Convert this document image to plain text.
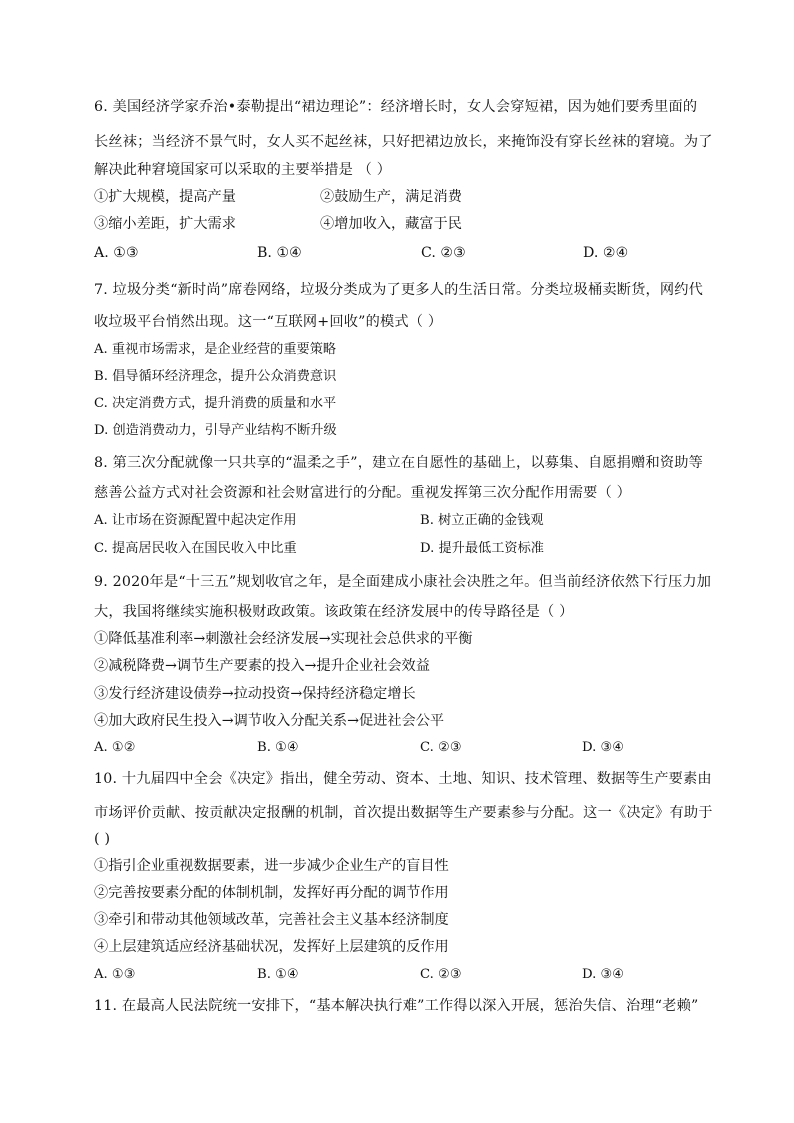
6. 美国经济学家乔治•泰勒提出“裙边理论”：经济增长时，女人会穿短裙，因为她们要秀里面的
长丝袜；当经济不景气时，女人买不起丝袜，只好把裙边放长，来掩饰没有穿长丝袜的窘境。为了
解决此种窘境国家可以采取的主要举措是 （ ）
①扩大规模，提高产量	②鼓励生产，满足消费
③缩小差距，扩大需求	④增加收入，藏富于民
A. ①③	B. ①④	C. ②③	D. ②④
7. 垃圾分类“新时尚”席卷网络，垃圾分类成为了更多人的生活日常。分类垃圾桶卖断货，网约代
收垃圾平台悄然出现。这一“互联网+回收”的模式（ ）
A. 重视市场需求，是企业经营的重要策略
B. 倡导循环经济理念，提升公众消费意识
C. 决定消费方式，提升消费的质量和水平
D. 创造消费动力，引导产业结构不断升级
8. 第三次分配就像一只共享的“温柔之手”，建立在自愿性的基础上，以募集、自愿捐赠和资助等
慈善公益方式对社会资源和社会财富进行的分配。重视发挥第三次分配作用需要（ ）
A. 让市场在资源配置中起决定作用	B. 树立正确的金钱观
C. 提高居民收入在国民收入中比重	D. 提升最低工资标准
9. 2020年是“十三五”规划收官之年，是全面建成小康社会决胜之年。但当前经济依然下行压力加
大，我国将继续实施积极财政政策。该政策在经济发展中的传导路径是（ ）
①降低基准利率→刺激社会经济发展→实现社会总供求的平衡
②减税降费→调节生产要素的投入→提升企业社会效益
③发行经济建设债券→拉动投资→保持经济稳定增长
④加大政府民生投入→调节收入分配关系→促进社会公平
A. ①②	B. ①④	C. ②③	D. ③④
10. 十九届四中全会《决定》指出，健全劳动、资本、土地、知识、技术管理、数据等生产要素由
市场评价贡献、按贡献决定报酬的机制，首次提出数据等生产要素参与分配。这一《决定》有助于
( )
①指引企业重视数据要素，进一步减少企业生产的盲目性
②完善按要素分配的体制机制，发挥好再分配的调节作用
③牵引和带动其他领域改革，完善社会主义基本经济制度
④上层建筑适应经济基础状况，发挥好上层建筑的反作用
A. ①③	B. ①④	C. ②③	D. ③④
11. 在最高人民法院统一安排下，“基本解决执行难”工作得以深入开展，惩治失信、治理“老赖”
